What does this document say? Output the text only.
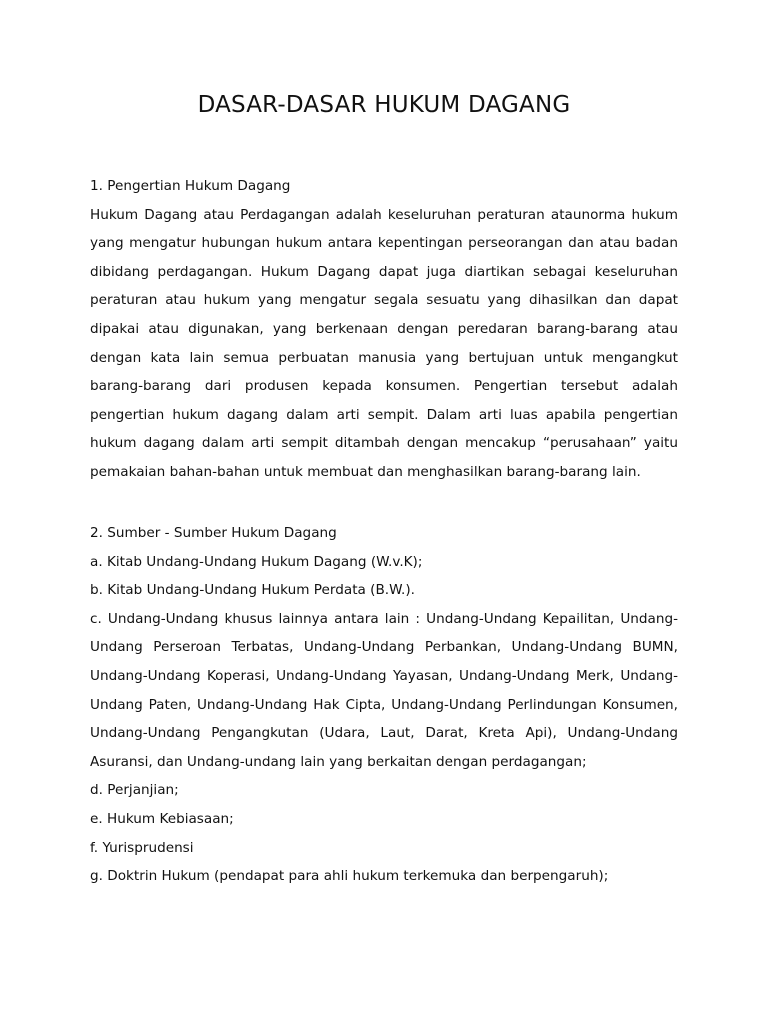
DASAR-DASAR HUKUM DAGANG
1. Pengertian Hukum Dagang

Hukum Dagang atau Perdagangan adalah keseluruhan peraturan ataunorma hukum yang mengatur hubungan hukum antara kepentingan perseorangan dan atau badan dibidang perdagangan. Hukum Dagang dapat juga diartikan sebagai keseluruhan peraturan atau hukum yang mengatur segala sesuatu yang dihasilkan dan dapat dipakai atau digunakan, yang berkenaan dengan peredaran barang-barang atau dengan kata lain semua perbuatan manusia yang bertujuan untuk mengangkut barang-barang dari produsen kepada konsumen. Pengertian tersebut adalah pengertian hukum dagang dalam arti sempit. Dalam arti luas apabila pengertian hukum dagang dalam arti sempit ditambah dengan mencakup “perusahaan” yaitu pemakaian bahan-bahan untuk membuat dan menghasilkan barang-barang lain.

2. Sumber - Sumber Hukum Dagang
a. Kitab Undang-Undang Hukum Dagang (W.v.K);
b. Kitab Undang-Undang Hukum Perdata (B.W.).
c. Undang-Undang khusus lainnya antara lain : Undang-Undang Kepailitan, Undang-Undang Perseroan Terbatas, Undang-Undang Perbankan, Undang-Undang BUMN, Undang-Undang Koperasi, Undang-Undang Yayasan, Undang-Undang Merk, Undang-Undang Paten, Undang-Undang Hak Cipta, Undang-Undang Perlindungan Konsumen, Undang-Undang Pengangkutan (Udara, Laut, Darat, Kreta Api), Undang-Undang Asuransi, dan Undang-undang lain yang berkaitan dengan perdagangan;
d. Perjanjian;
e. Hukum Kebiasaan;
f. Yurisprudensi
g. Doktrin Hukum (pendapat para ahli hukum terkemuka dan berpengaruh);
